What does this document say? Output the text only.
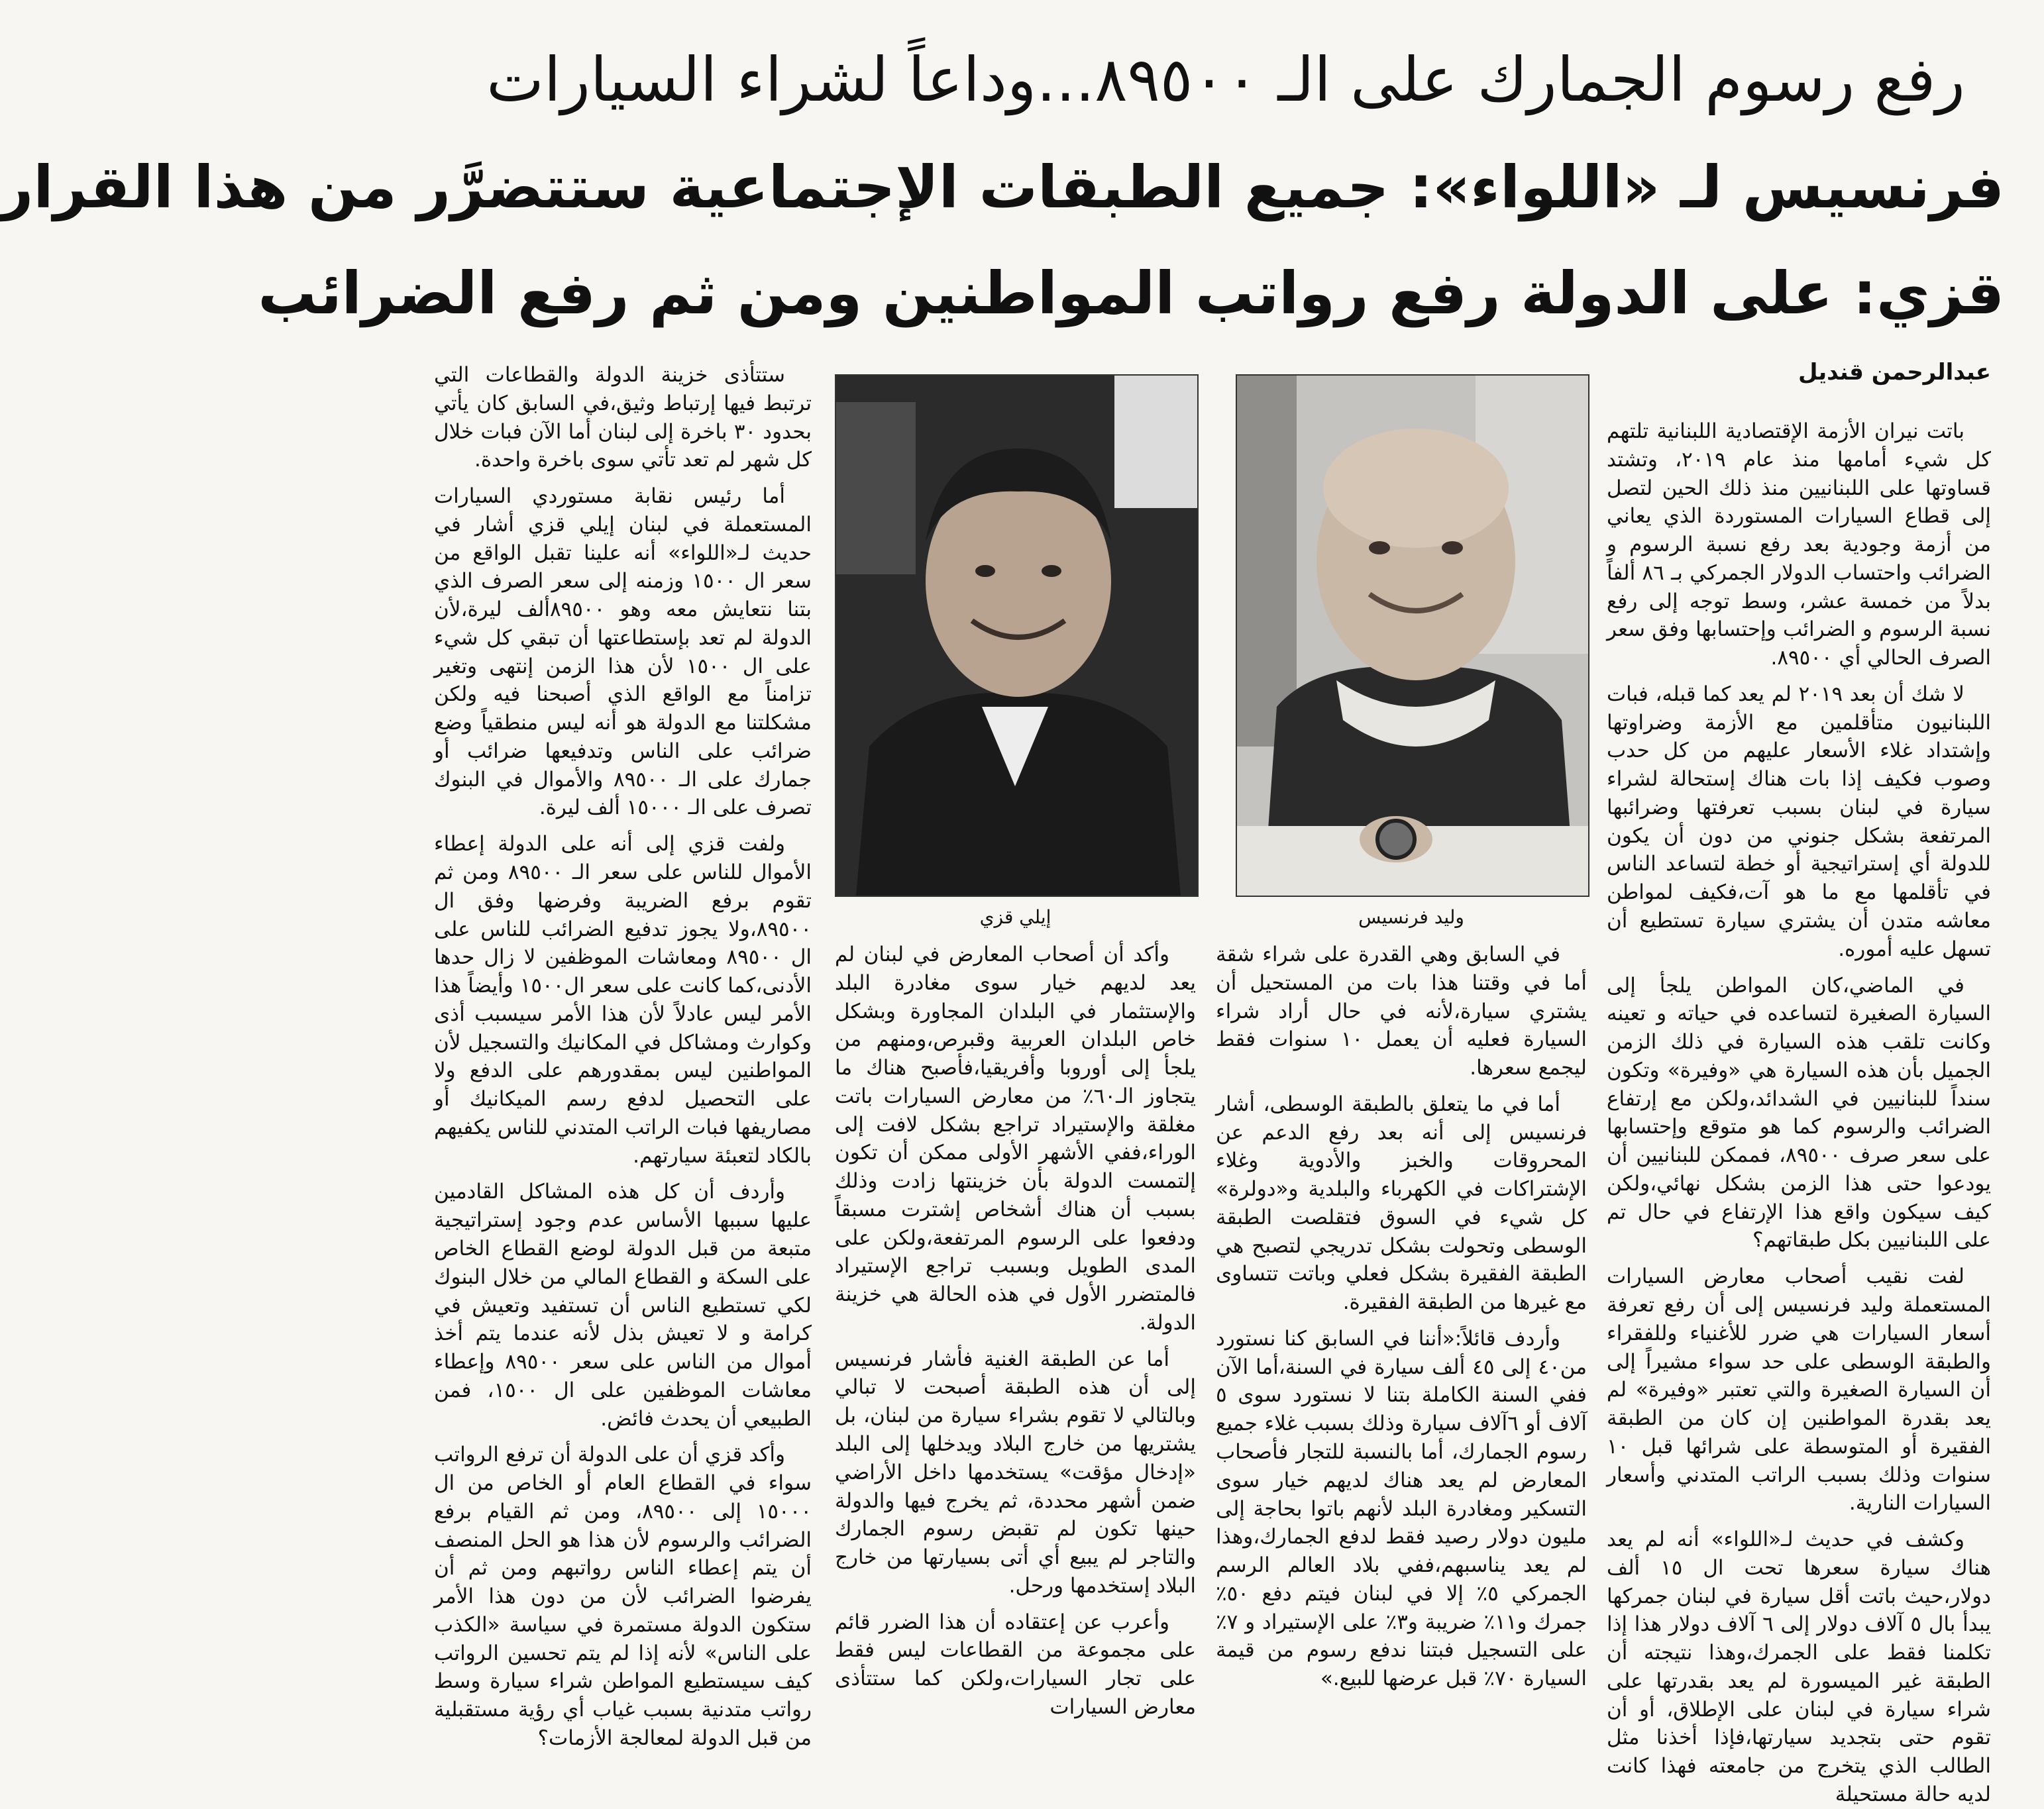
رفع رسوم الجمارك على الـ ٨٩٥٠٠...وداعاً لشراء السيارات
فرنسيس لـ «اللواء»: جميع الطبقات الإجتماعية ستتضرَّر من هذا القرار
قزي: على الدولة رفع رواتب المواطنين ومن ثم رفع الضرائب
عبدالرحمن قنديل
وليد فرنسيس
إيلي قزي

باتت نيران الأزمة الإقتصادية اللبنانية تلتهم كل شيء أمامها منذ عام ٢٠١٩، وتشتد قساوتها على اللبنانيين منذ ذلك الحين لتصل إلى قطاع السيارات المستوردة الذي يعاني من أزمة وجودية بعد رفع نسبة الرسوم و الضرائب واحتساب الدولار الجمركي بـ ٨٦ ألفاً بدلاً من خمسة عشر، وسط توجه إلى رفع نسبة الرسوم و الضرائب وإحتسابها وفق سعر الصرف الحالي أي ٨٩٥٠٠.

لا شك أن بعد ٢٠١٩ لم يعد كما قبله، فبات اللبنانيون متأقلمين مع الأزمة وضراوتها وإشتداد غلاء الأسعار عليهم من كل حدب وصوب فكيف إذا بات هناك إستحالة لشراء سيارة في لبنان بسبب تعرفتها وضرائبها المرتفعة بشكل جنوني من دون أن يكون للدولة أي إستراتيجية أو خطة لتساعد الناس في تأقلمها مع ما هو آت،فكيف لمواطن معاشه متدن أن يشتري سيارة تستطيع أن تسهل عليه أموره.

في الماضي،كان المواطن يلجأ إلى السيارة الصغيرة لتساعده في حياته و تعينه وكانت تلقب هذه السيارة في ذلك الزمن الجميل بأن هذه السيارة هي «وفيرة» وتكون سنداً للبنانيين في الشدائد،ولكن مع إرتفاع الضرائب والرسوم كما هو متوقع وإحتسابها على سعر صرف ٨٩٥٠٠، فممكن للبنانيين أن يودعوا حتى هذا الزمن بشكل نهائي،ولكن كيف سيكون واقع هذا الإرتفاع في حال تم على اللبنانيين بكل طبقاتهم؟

لفت نقيب أصحاب معارض السيارات المستعملة وليد فرنسيس إلى أن رفع تعرفة أسعار السيارات هي ضرر للأغنياء وللفقراء والطبقة الوسطى على حد سواء مشيراً إلى أن السيارة الصغيرة والتي تعتبر «وفيرة» لم يعد بقدرة المواطنين إن كان من الطبقة الفقيرة أو المتوسطة على شرائها قبل ١٠ سنوات وذلك بسبب الراتب المتدني وأسعار السيارات النارية.

وكشف في حديث لـ«اللواء» أنه لم يعد هناك سيارة سعرها تحت ال ١٥ ألف دولار،حيث باتت أقل سيارة في لبنان جمركها يبدأ بال ٥ آلاف دولار إلى ٦ آلاف دولار هذا إذا تكلمنا فقط على الجمرك،وهذا نتيجته أن الطبقة غير الميسورة لم يعد بقدرتها على شراء سيارة في لبنان على الإطلاق، أو أن تقوم حتى بتجديد سيارتها،فإذا أخذنا مثل الطالب الذي يتخرج من جامعته فهذا كانت لديه حالة مستحيلة

في السابق وهي القدرة على شراء شقة أما في وقتنا هذا بات من المستحيل أن يشتري سيارة،لأنه في حال أراد شراء السيارة فعليه أن يعمل ١٠ سنوات فقط ليجمع سعرها.

أما في ما يتعلق بالطبقة الوسطى، أشار فرنسيس إلى أنه بعد رفع الدعم عن المحروقات والخبز والأدوية وغلاء الإشتراكات في الكهرباء والبلدية و«دولرة» كل شيء في السوق فتقلصت الطبقة الوسطى وتحولت بشكل تدريجي لتصبح هي الطبقة الفقيرة بشكل فعلي وباتت تتساوى مع غيرها من الطبقة الفقيرة.

وأردف قائلاً:«أننا في السابق كنا نستورد من٤٠ إلى ٤٥ ألف سيارة في السنة،أما الآن ففي السنة الكاملة بتنا لا نستورد سوى ٥ آلاف أو ٦آلاف سيارة وذلك بسبب غلاء جميع رسوم الجمارك، أما بالنسبة للتجار فأصحاب المعارض لم يعد هناك لديهم خيار سوى التسكير ومغادرة البلد لأنهم باتوا بحاجة إلى مليون دولار رصيد فقط لدفع الجمارك،وهذا لم يعد يناسبهم،ففي بلاد العالم الرسم الجمركي ٥٪ إلا في لبنان فيتم دفع ٥٠٪ جمرك و١١٪ ضريبة و٣٪ على الإستيراد و ٧٪ على التسجيل فبتنا ندفع رسوم من قيمة السيارة ٧٠٪ قبل عرضها للبيع.»

وأكد أن أصحاب المعارض في لبنان لم يعد لديهم خيار سوى مغادرة البلد والإستثمار في البلدان المجاورة وبشكل خاص البلدان العربية وقبرص،ومنهم من يلجأ إلى أوروبا وأفريقيا،فأصبح هناك ما يتجاوز الـ٦٠٪ من معارض السيارات باتت مغلقة والإستيراد تراجع بشكل لافت إلى الوراء،ففي الأشهر الأولى ممكن أن تكون إلتمست الدولة بأن خزينتها زادت وذلك بسبب أن هناك أشخاص إشترت مسبقاً ودفعوا على الرسوم المرتفعة،ولكن على المدى الطويل وبسبب تراجع الإستيراد فالمتضرر الأول في هذه الحالة هي خزينة الدولة.

أما عن الطبقة الغنية فأشار فرنسيس إلى أن هذه الطبقة أصبحت لا تبالي وبالتالي لا تقوم بشراء سيارة من لبنان، بل يشتريها من خارج البلاد ويدخلها إلى البلد «إدخال مؤقت» يستخدمها داخل الأراضي ضمن أشهر محددة، ثم يخرج فيها والدولة حينها تكون لم تقبض رسوم الجمارك والتاجر لم يبيع أي أتى بسيارتها من خارج البلاد إستخدمها ورحل.

وأعرب عن إعتقاده أن هذا الضرر قائم على مجموعة من القطاعات ليس فقط على تجار السيارات،ولكن كما ستتأذى معارض السيارات

ستتأذى خزينة الدولة والقطاعات التي ترتبط فيها إرتباط وثيق،في السابق كان يأتي بحدود ٣٠ باخرة إلى لبنان أما الآن فبات خلال كل شهر لم تعد تأتي سوى باخرة واحدة.

أما رئيس نقابة مستوردي السيارات المستعملة في لبنان إيلي قزي أشار في حديث لـ«اللواء» أنه علينا تقبل الواقع من سعر ال ١٥٠٠ وزمنه إلى سعر الصرف الذي بتنا نتعايش معه وهو ٨٩٥٠٠ألف ليرة،لأن الدولة لم تعد بإستطاعتها أن تبقي كل شيء على ال ١٥٠٠ لأن هذا الزمن إنتهى وتغير تزامناً مع الواقع الذي أصبحنا فيه ولكن مشكلتنا مع الدولة هو أنه ليس منطقياً وضع ضرائب على الناس وتدفيعها ضرائب أو جمارك على الـ ٨٩٥٠٠ والأموال في البنوك تصرف على الـ ١٥٠٠٠ ألف ليرة.

ولفت قزي إلى أنه على الدولة إعطاء الأموال للناس على سعر الـ ٨٩٥٠٠ ومن ثم تقوم برفع الضريبة وفرضها وفق ال ٨٩٥٠٠،ولا يجوز تدفيع الضرائب للناس على ال ٨٩٥٠٠ ومعاشات الموظفين لا زال حدها الأدنى،كما كانت على سعر ال١٥٠٠ وأيضاً هذا الأمر ليس عادلاً لأن هذا الأمر سيسبب أذى وكوارث ومشاكل في المكانيك والتسجيل لأن المواطنين ليس بمقدورهم على الدفع ولا على التحصيل لدفع رسم الميكانيك أو مصاريفها فبات الراتب المتدني للناس يكفيهم بالكاد لتعبئة سيارتهم.

وأردف أن كل هذه المشاكل القادمين عليها سببها الأساس عدم وجود إستراتيجية متبعة من قبل الدولة لوضع القطاع الخاص على السكة و القطاع المالي من خلال البنوك لكي تستطيع الناس أن تستفيد وتعيش في كرامة و لا تعيش بذل لأنه عندما يتم أخذ أموال من الناس على سعر ٨٩٥٠٠ وإعطاء معاشات الموظفين على ال ١٥٠٠، فمن الطبيعي أن يحدث فائض.

وأكد قزي أن على الدولة أن ترفع الرواتب سواء في القطاع العام أو الخاص من ال ١٥٠٠٠ إلى ٨٩٥٠٠، ومن ثم القيام برفع الضرائب والرسوم لأن هذا هو الحل المنصف أن يتم إعطاء الناس رواتبهم ومن ثم أن يفرضوا الضرائب لأن من دون هذا الأمر ستكون الدولة مستمرة في سياسة «الكذب على الناس» لأنه إذا لم يتم تحسين الرواتب كيف سيستطيع المواطن شراء سيارة وسط رواتب متدنية بسبب غياب أي رؤية مستقبلية من قبل الدولة لمعالجة الأزمات؟
